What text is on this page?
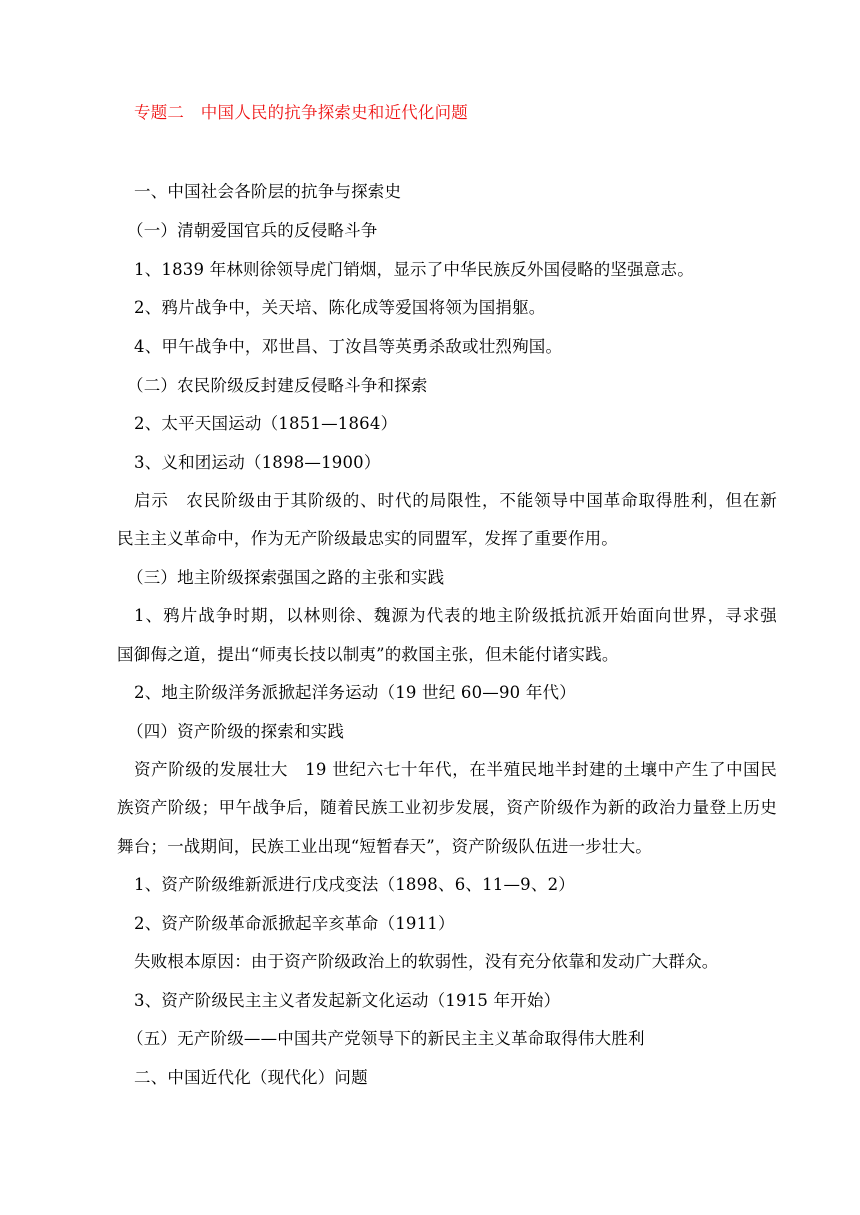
专题二　中国人民的抗争探索史和近代化问题
一、中国社会各阶层的抗争与探索史
（一）清朝爱国官兵的反侵略斗争
1、1839 年林则徐领导虎门销烟，显示了中华民族反外国侵略的坚强意志。
2、鸦片战争中，关天培、陈化成等爱国将领为国捐躯。
4、甲午战争中，邓世昌、丁汝昌等英勇杀敌或壮烈殉国。
（二）农民阶级反封建反侵略斗争和探索
2、太平天国运动（1851—1864）
3、义和团运动（1898—1900）
启示　农民阶级由于其阶级的、时代的局限性，不能领导中国革命取得胜利，但在新
民主主义革命中，作为无产阶级最忠实的同盟军，发挥了重要作用。
（三）地主阶级探索强国之路的主张和实践
1、鸦片战争时期，以林则徐、魏源为代表的地主阶级抵抗派开始面向世界，寻求强
国御侮之道，提出“师夷长技以制夷”的救国主张，但未能付诸实践。
2、地主阶级洋务派掀起洋务运动（19 世纪 60—90 年代）
（四）资产阶级的探索和实践
资产阶级的发展壮大　19 世纪六七十年代，在半殖民地半封建的土壤中产生了中国民
族资产阶级；甲午战争后，随着民族工业初步发展，资产阶级作为新的政治力量登上历史
舞台；一战期间，民族工业出现“短暂春天”，资产阶级队伍进一步壮大。
1、资产阶级维新派进行戊戌变法（1898、6、11—9、2）
2、资产阶级革命派掀起辛亥革命（1911）
失败根本原因：由于资产阶级政治上的软弱性，没有充分依靠和发动广大群众。
3、资产阶级民主主义者发起新文化运动（1915 年开始）
（五）无产阶级——中国共产党领导下的新民主主义革命取得伟大胜利
二、中国近代化（现代化）问题
